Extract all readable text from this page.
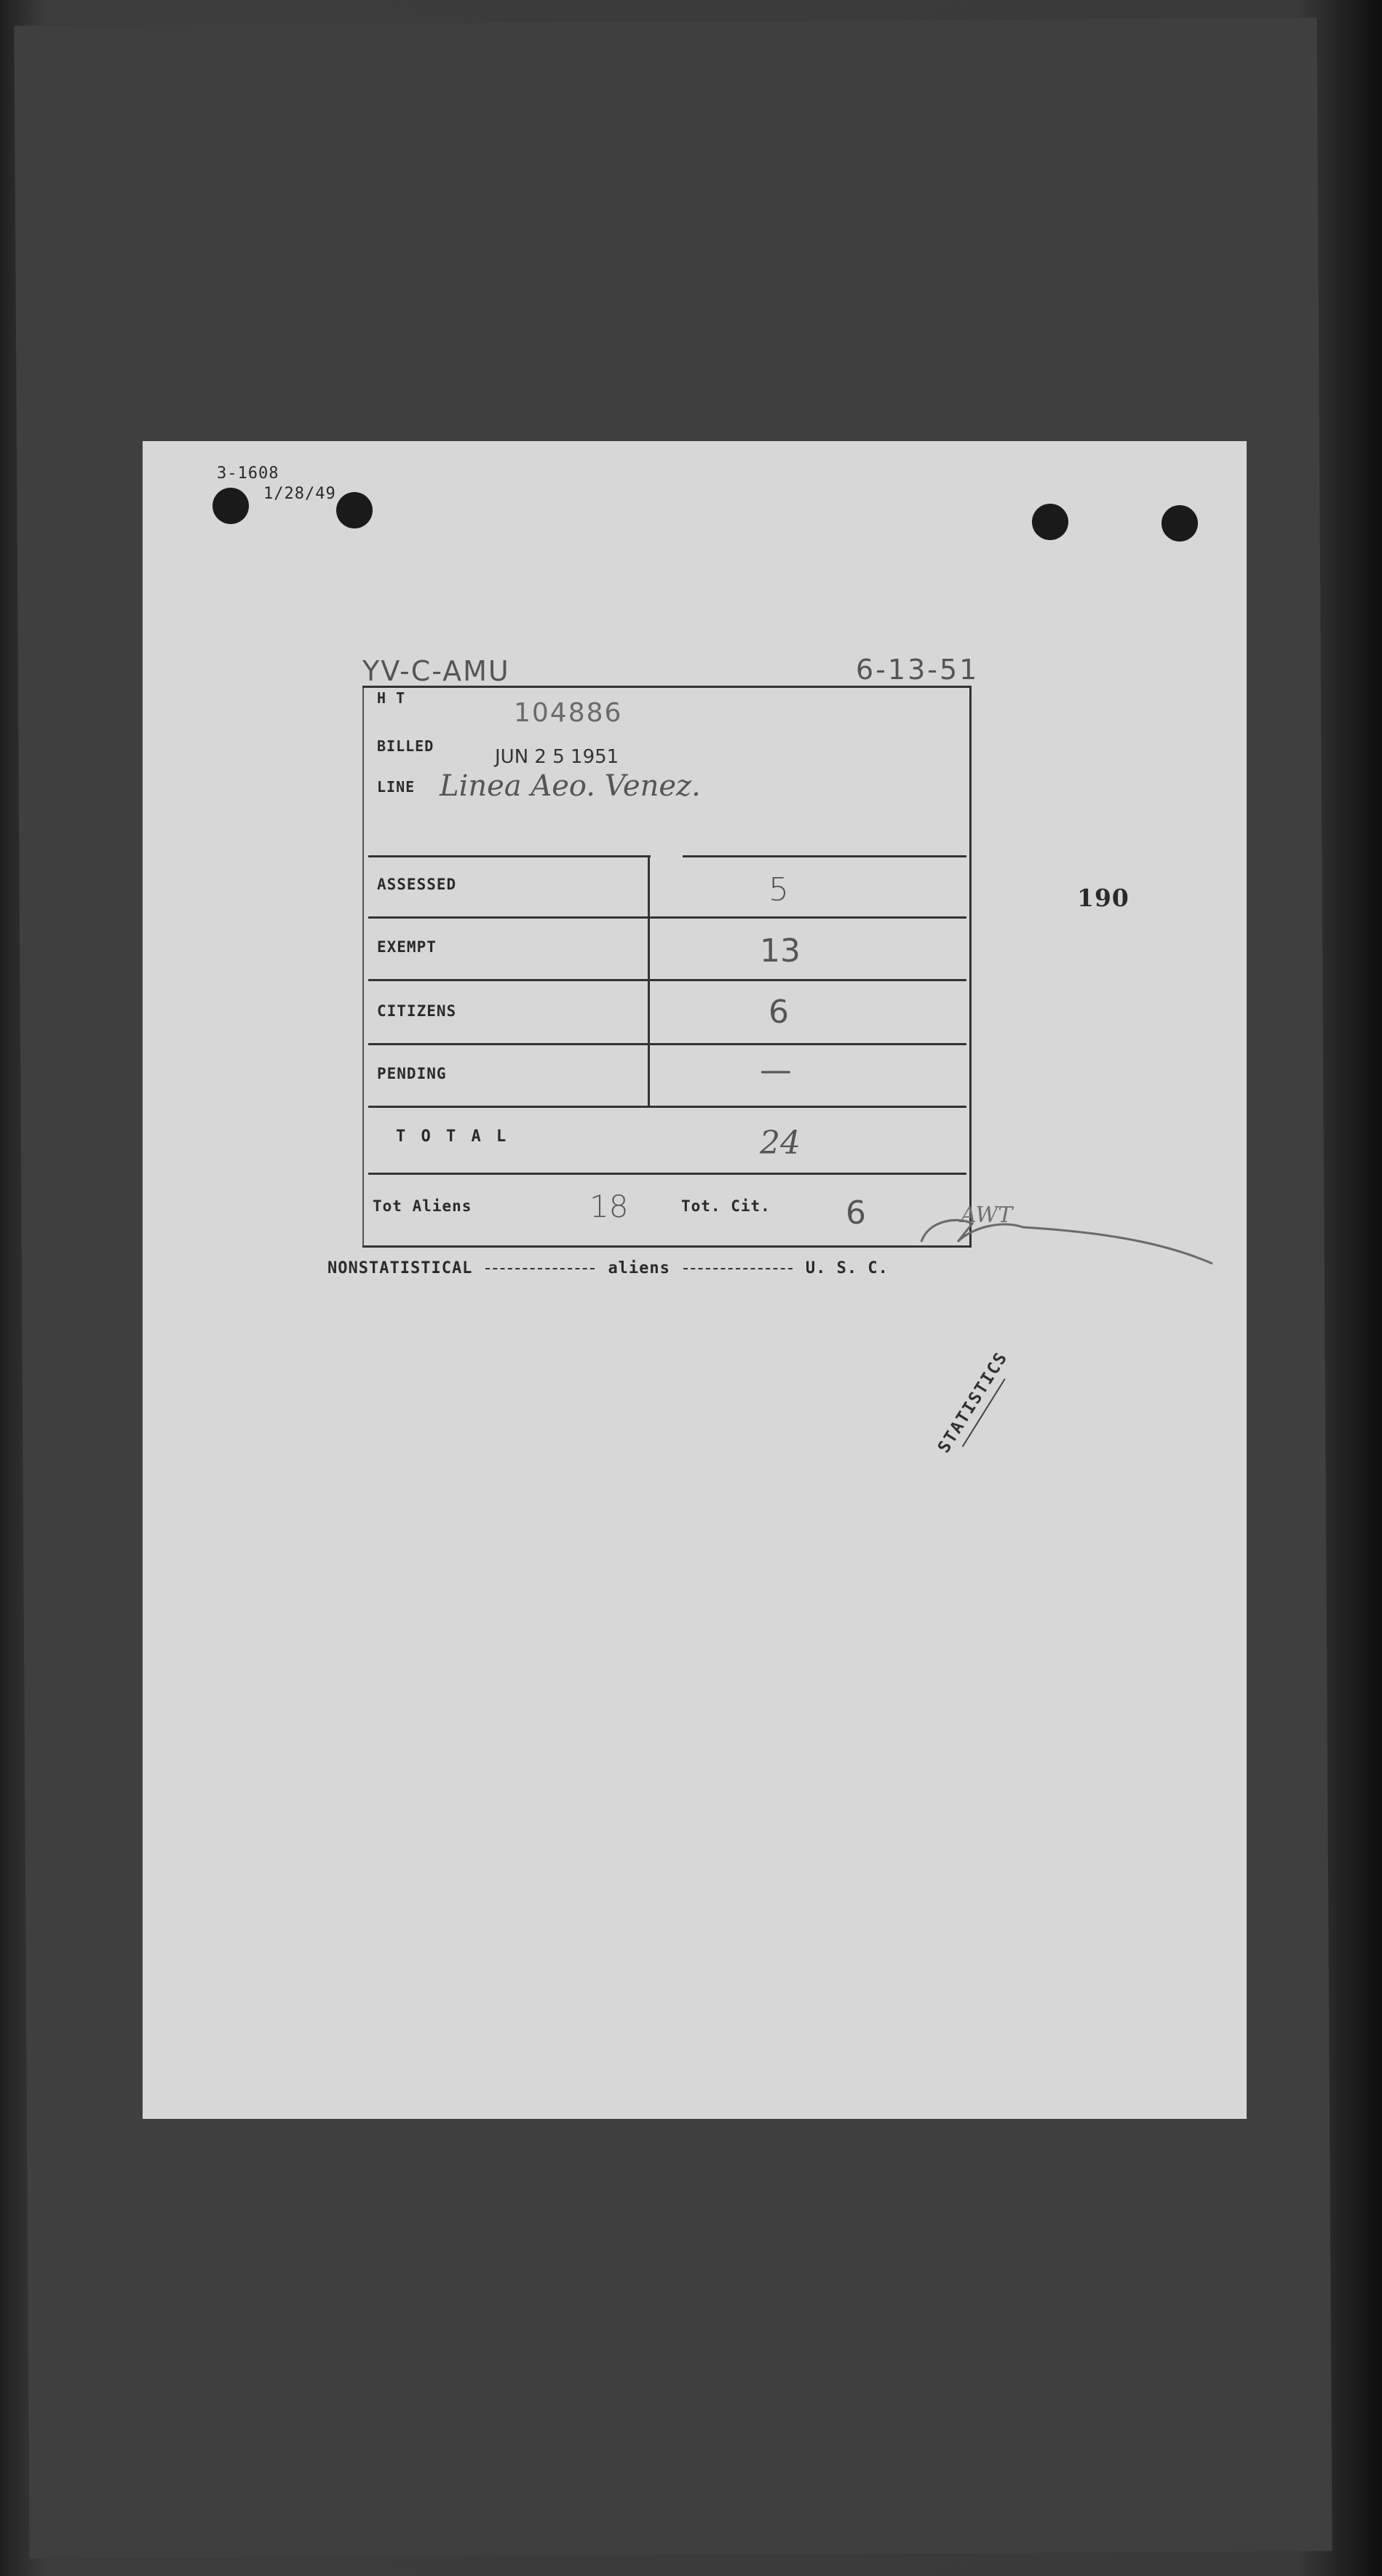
3-1608
1/28/49
YV-C-AMU	6-13-51
190
H T	104886
BILLED	JUN 2 5 1951
LINE Linea Aeo. Venez.
ASSESSED	5
EXEMPT	13
CITIZENS	6
PENDING	—
T O T A L	24
Tot Aliens	18	Tot. Cit. 6	AWT
NONSTATISTICAL	aliens	U. S. C.
STATISTICS
